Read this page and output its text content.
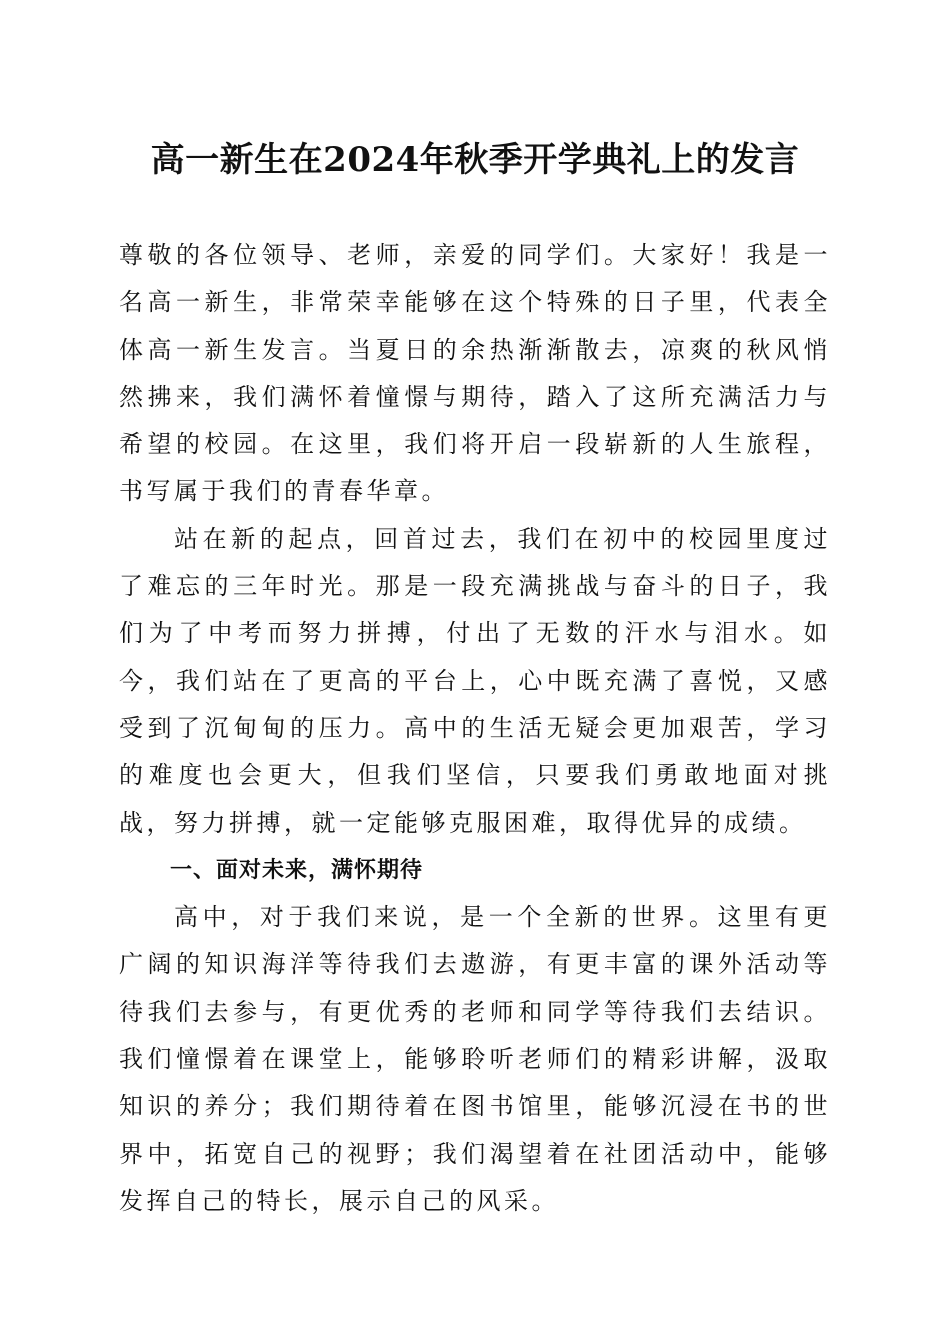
高一新生在2024年秋季开学典礼上的发言

尊敬的各位领导、老师，亲爱的同学们。大家好！我是一名高一新生，非常荣幸能够在这个特殊的日子里，代表全体高一新生发言。当夏日的余热渐渐散去，凉爽的秋风悄然拂来，我们满怀着憧憬与期待，踏入了这所充满活力与希望的校园。在这里，我们将开启一段崭新的人生旅程，书写属于我们的青春华章。

站在新的起点，回首过去，我们在初中的校园里度过了难忘的三年时光。那是一段充满挑战与奋斗的日子，我们为了中考而努力拼搏，付出了无数的汗水与泪水。如今，我们站在了更高的平台上，心中既充满了喜悦，又感受到了沉甸甸的压力。高中的生活无疑会更加艰苦，学习的难度也会更大，但我们坚信，只要我们勇敢地面对挑战，努力拼搏，就一定能够克服困难，取得优异的成绩。

一、面对未来，满怀期待

高中，对于我们来说，是一个全新的世界。这里有更广阔的知识海洋等待我们去遨游，有更丰富的课外活动等待我们去参与，有更优秀的老师和同学等待我们去结识。我们憧憬着在课堂上，能够聆听老师们的精彩讲解，汲取知识的养分；我们期待着在图书馆里，能够沉浸在书的世界中，拓宽自己的视野；我们渴望着在社团活动中，能够发挥自己的特长，展示自己的风采。
